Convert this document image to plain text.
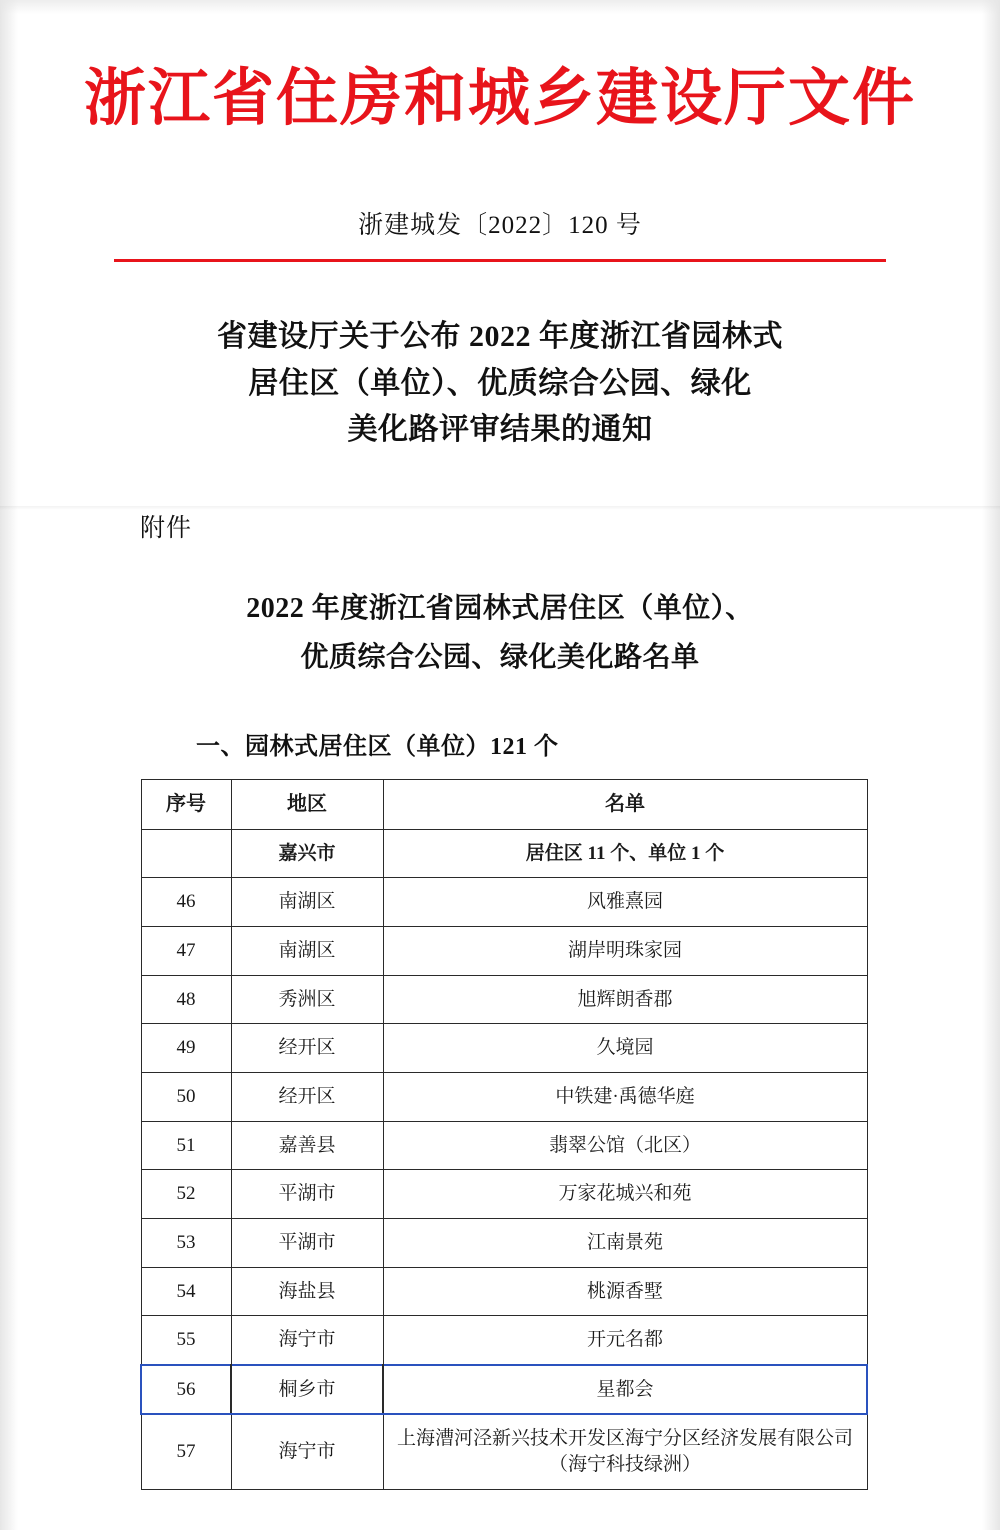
浙江省住房和城乡建设厅文件
浙建城发〔2022〕120 号
省建设厅关于公布 2022 年度浙江省园林式
居住区（单位）、优质综合公园、绿化
美化路评审结果的通知
附件
2022 年度浙江省园林式居住区（单位）、
优质综合公园、绿化美化路名单
一、园林式居住区（单位）121 个
序号	地区	名单
	嘉兴市	居住区 11 个、单位 1 个
46	南湖区	风雅熹园
47	南湖区	湖岸明珠家园
48	秀洲区	旭辉朗香郡
49	经开区	久境园
50	经开区	中铁建·禹德华庭
51	嘉善县	翡翠公馆（北区）
52	平湖市	万家花城兴和苑
53	平湖市	江南景苑
54	海盐县	桃源香墅
55	海宁市	开元名都
56	桐乡市	星都会
57	海宁市	上海漕河泾新兴技术开发区海宁分区经济发展有限公司
（海宁科技绿洲）
